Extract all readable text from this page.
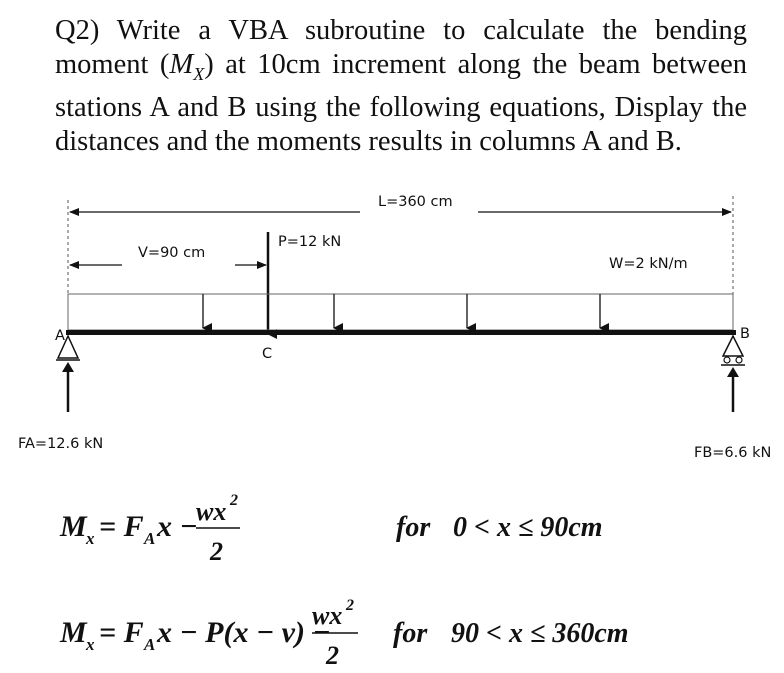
Q2) Write a VBA subroutine to calculate the bending
moment $(M_X)$ at 10cm increment along the beam between
stations A and B using the following equations, Display the
distances and the moments results in columns A and B.
L=360 cm
V=90 cm
P=12 kN
W=2 kN/m
A	B
C
FA=12.6 kN
FB=6.6 kN
M x = F A x −
wx 2
2
for 0 < x ≤ 90cm
M x = F A x − P(x − v) −
wx 2
2
for 90 < x ≤ 360cm
